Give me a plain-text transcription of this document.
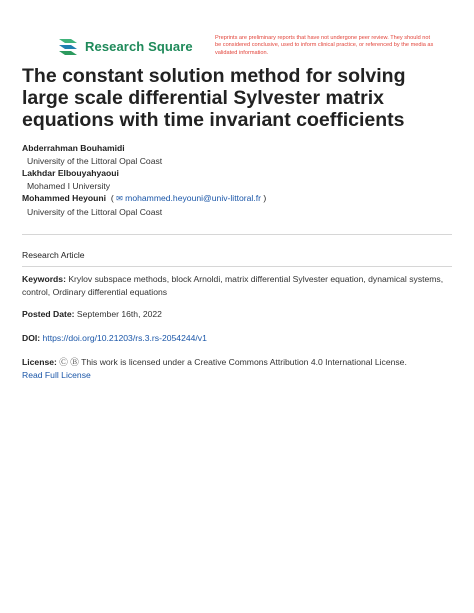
Research Square
Preprints are preliminary reports that have not undergone peer review. They should not be considered conclusive, used to inform clinical practice, or referenced by the media as validated information.
The constant solution method for solving large scale differential Sylvester matrix equations with time invariant coefficients
Abderrahman Bouhamidi
University of the Littoral Opal Coast
Lakhdar Elbouyahyaoui
Mohamed I University
Mohammed Heyouni  ( ✉ mohammed.heyouni@univ-littoral.fr )
University of the Littoral Opal Coast
Research Article
Keywords: Krylov subspace methods, block Arnoldi, matrix differential Sylvester equation, dynamical systems, control, Ordinary differential equations
Posted Date: September 16th, 2022
DOI: https://doi.org/10.21203/rs.3.rs-2054244/v1
License: Ⓒ Ⓑ This work is licensed under a Creative Commons Attribution 4.0 International License.
Read Full License
